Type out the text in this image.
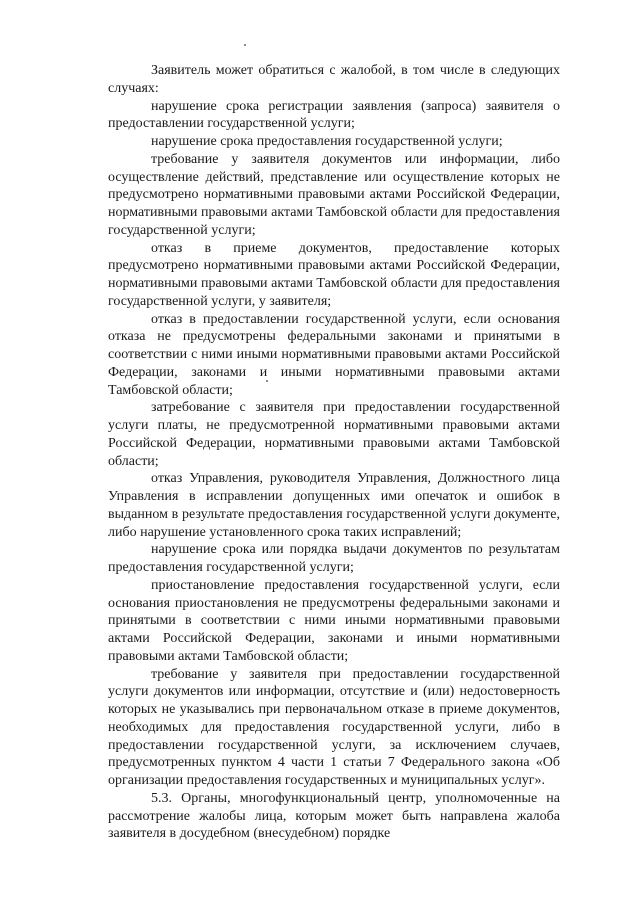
Заявитель может обратиться с жалобой, в том числе в следующих случаях:

нарушение срока регистрации заявления (запроса) заявителя о предоставлении государственной услуги;

нарушение срока предоставления государственной услуги;

требование у заявителя документов или информации, либо осуществление действий, представление или осуществление которых не предусмотрено нормативными правовыми актами Российской Федерации, нормативными правовыми актами Тамбовской области для предоставления государственной услуги;

отказ в приеме документов, предоставление которых предусмотрено нормативными правовыми актами Российской Федерации, нормативными правовыми актами Тамбовской области для предоставления государственной услуги, у заявителя;

отказ в предоставлении государственной услуги, если основания отказа не предусмотрены федеральными законами и принятыми в соответствии с ними иными нормативными правовыми актами Российской Федерации, законами и иными нормативными правовыми актами Тамбовской области;

затребование с заявителя при предоставлении государственной услуги платы, не предусмотренной нормативными правовыми актами Российской Федерации, нормативными правовыми актами Тамбовской области;

отказ Управления, руководителя Управления, Должностного лица Управления в исправлении допущенных ими опечаток и ошибок в выданном в результате предоставления государственной услуги документе, либо нарушение установленного срока таких исправлений;

нарушение срока или порядка выдачи документов по результатам предоставления государственной услуги;

приостановление предоставления государственной услуги, если основания приостановления не предусмотрены федеральными законами и принятыми в соответствии с ними иными нормативными правовыми актами Российской Федерации, законами и иными нормативными правовыми актами Тамбовской области;

требование у заявителя при предоставлении государственной услуги документов или информации, отсутствие и (или) недостоверность которых не указывались при первоначальном отказе в приеме документов, необходимых для предоставления государственной услуги, либо в предоставлении государственной услуги, за исключением случаев, предусмотренных пунктом 4 части 1 статьи 7 Федерального закона «Об организации предоставления государственных и муниципальных услуг».

5.3. Органы, многофункциональный центр, уполномоченные на рассмотрение жалобы лица, которым может быть направлена жалоба заявителя в досудебном (внесудебном) порядке
